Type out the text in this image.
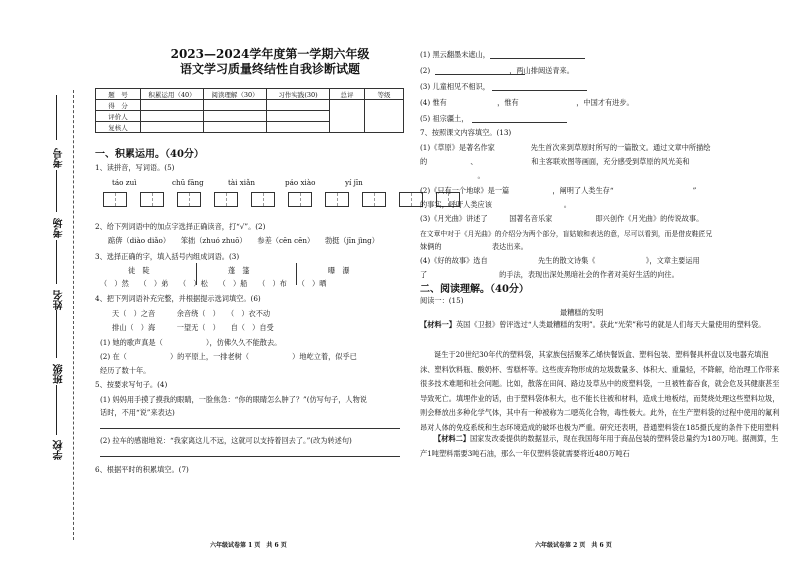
考号
考场
姓名
班级
学校
2023—2024学年度第一学期六年级
语文学习质量终结性自我诊断试题
题　号	积累运用（40）	阅读理解（30）	习作实践(30)	总评	等级
得　分					
评价人					
复核人					
一、积累运用。（40分）
1、读拼音，写词语。(5)
táo zuì	chū fāng	tài xiǎn	páo xiào	yí jīn
2、给下列词语中的加点字选择正确读音，打“√”。(2)
踮倴（diào diǎo）　　笨拙（zhuó zhuō）　　参差（cēn cēn）　　勃挺（jīn jìng）
3、选择正确的字，填入括号内组成词语。(3)
徒　陡	蓬　篷	曝　瀑
（　）然　　（　）弟　　（　）松　　（　）船　　（　）布　　（　）晒
4、把下列词语补充完整，并根据提示选词填空。(6)
天（　）之音　　　余音绕（　）　　（　）衣不动
排山（　）海　　　一望无（　）　　自（　）自受
(1) 她的歌声真是（　　　　　　），仿佛久久不能散去。
(2) 在（　　　　　　）的平原上，一排老树（　　　　　　）地屹立着，似乎已
经历了数十年。
5、按要求写句子。(4)
(1) 妈妈用手摸了摸我的眼睛，一脸焦急：“你的眼睛怎么肿了？”(仿写句子，人物说
话时，不用“说”来表达)
(2) 拉车的感谢地说：“我家离这儿不远，这就可以支持着回去了。”(改为转述句)
6、根据平时的积累填空。(7)
六年级试卷第 1 页　共 6 页
(1) 黑云翻墨未遮山，
(2)　　　　　　　　　　　，两山排闼送青来。
(3) 儿童相见不相识，
(4) 惟有　　　　　　　，惟有　　　　　　　　，中国才有进步。
(5) 祖宗疆土，
7、按照课文内容填空。(13)
(1)《草原》是著名作家　　　　　先生首次来到草原时所写的一篇散文。通过文章中所描绘
的　　　　　　、　　　　　　　　和主客联欢图等画面，充分感受到草原的风光美和
　　　　　　　　。
(2)《只有一个地球》是一篇　　　　　　，阐明了人类生存“　　　　　　　　　　　”
的事实，呼吁人类应该　　　　　　　　　　。
(3)《月光曲》讲述了　　　国著名音乐家　　　　　　即兴创作《月光曲》的传说故事。
在文章中对于《月光曲》的介绍分为两个部分，盲姑娘和表达的意，尽可以看到，而是借皮鞋匠兄
妹俩的　　　　　　　表达出来。
(4)《好的故事》选自　　　　　　　先生的散文诗集《　　　　　　　》，文章主要运用
了　　　　　　　　　　的手法，表现出深处黑暗社会的作者对美好生活的向往。
二、阅读理解。（40分）
阅读一：(15)
最糟糕的发明
【材料一】英国《卫报》曾评选过“人类最糟糕的发明”。获此“光荣”称号的就是人们每天大量使用的塑料袋。
诞生于20世纪30年代的塑料袋，其家族包括聚苯乙烯快餐饭盒、塑料包装、塑料餐具杯盘以及电器充填泡沫、塑料饮料瓶、酸奶杯、雪糕杯等。这些废弃物形成的垃圾数量多、体积大、重量轻，不降解，给治理工作带来很多技术难题和社会问题。比如，散落在田间、路边及草丛中的废塑料袋，一旦被牲畜吞食，就会危及其健康甚至导致死亡。填埋作业的话，由于塑料袋体积大，也不能长往被和材料，造成土地板结，而焚烧处理这些塑料垃圾，则会释放出多种化学气体，其中有一种被称为二噁英化合物，毒性极大。此外，在生产塑料袋的过程中使用的氟利昂对人体的免疫系统和生态环境造成的破坏也极为严重。研究还表明，普通塑料袋在185摄氏度的条件下使用塑料
【材料二】国家发改委提供的数据显示，现在我国每年用于商品包装的塑料袋总量约为180万吨。据测算，生产1吨塑料需要3吨石油，那么一年仅塑料袋就需要将近480万吨石
六年级试卷第 2 页　共 6 页
